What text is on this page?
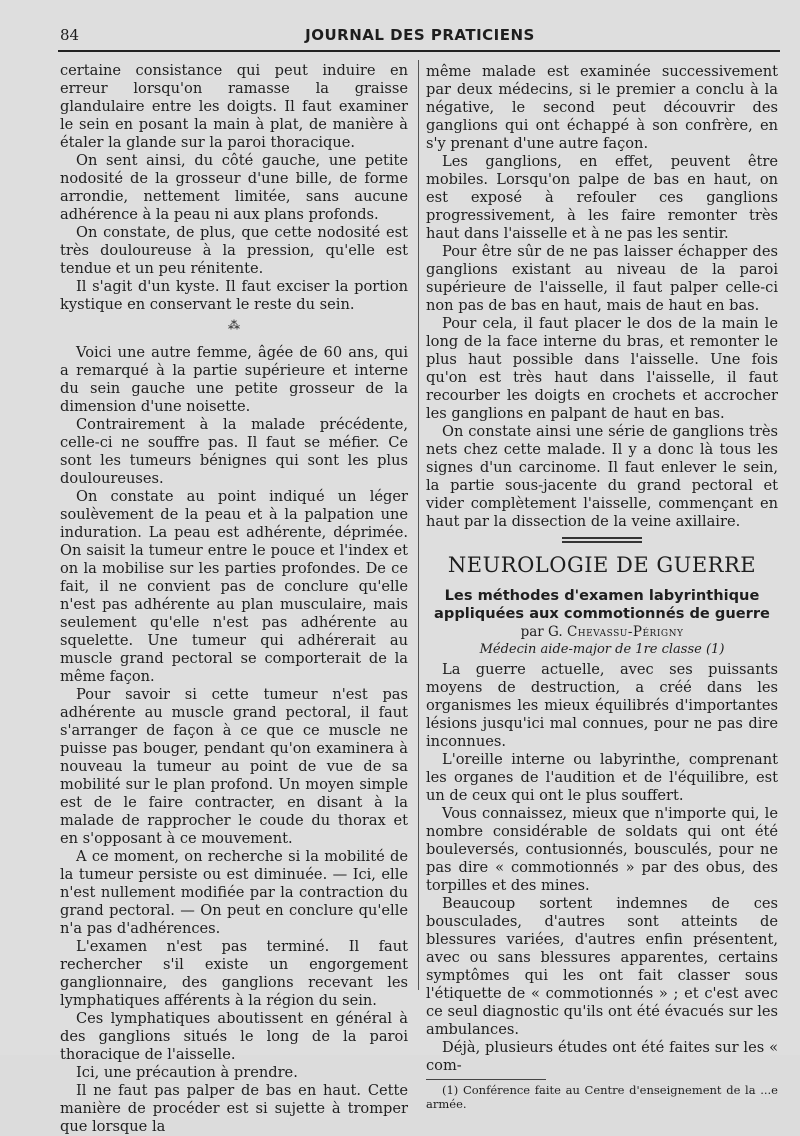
84	JOURNAL DES PRATICIENS

certaine consistance qui peut induire en erreur lorsqu'on ramasse la graisse glandulaire entre les doigts. Il faut examiner le sein en posant la main à plat, de manière à étaler la glande sur la paroi thoracique.

On sent ainsi, du côté gauche, une petite nodosité de la grosseur d'une bille, de forme arrondie, nettement limitée, sans aucune adhérence à la peau ni aux plans profonds.

On constate, de plus, que cette nodosité est très douloureuse à la pression, qu'elle est tendue et un peu rénitente.

Il s'agit d'un kyste. Il faut exciser la portion kystique en conservant le reste du sein.

⁂

Voici une autre femme, âgée de 60 ans, qui a remarqué à la partie supérieure et interne du sein gauche une petite grosseur de la dimension d'une noisette.

Contrairement à la malade précédente, celle-ci ne souffre pas. Il faut se méfier. Ce sont les tumeurs bénignes qui sont les plus douloureuses.

On constate au point indiqué un léger soulèvement de la peau et à la palpation une induration. La peau est adhérente, déprimée. On saisit la tumeur entre le pouce et l'index et on la mobilise sur les parties profondes. De ce fait, il ne convient pas de conclure qu'elle n'est pas adhérente au plan musculaire, mais seulement qu'elle n'est pas adhérente au squelette. Une tumeur qui adhérerait au muscle grand pectoral se comporterait de la même façon.

Pour savoir si cette tumeur n'est pas adhérente au muscle grand pectoral, il faut s'arranger de façon à ce que ce muscle ne puisse pas bouger, pendant qu'on examinera à nouveau la tumeur au point de vue de sa mobilité sur le plan profond. Un moyen simple est de le faire contracter, en disant à la malade de rapprocher le coude du thorax et en s'opposant à ce mouvement.

A ce moment, on recherche si la mobilité de la tumeur persiste ou est diminuée. — Ici, elle n'est nullement modifiée par la contraction du grand pectoral. — On peut en conclure qu'elle n'a pas d'adhérences.

L'examen n'est pas terminé. Il faut rechercher s'il existe un engorgement ganglionnaire, des ganglions recevant les lymphatiques afférents à la région du sein.

Ces lymphatiques aboutissent en général à des ganglions situés le long de la paroi thoracique de l'aisselle.

Ici, une précaution à prendre.

Il ne faut pas palper de bas en haut. Cette manière de procéder est si sujette à tromper que lorsque la

même malade est examinée successivement par deux médecins, si le premier a conclu à la négative, le second peut découvrir des ganglions qui ont échappé à son confrère, en s'y prenant d'une autre façon.

Les ganglions, en effet, peuvent être mobiles. Lorsqu'on palpe de bas en haut, on est exposé à refouler ces ganglions progressivement, à les faire remonter très haut dans l'aisselle et à ne pas les sentir.

Pour être sûr de ne pas laisser échapper des ganglions existant au niveau de la paroi supérieure de l'aisselle, il faut palper celle-ci non pas de bas en haut, mais de haut en bas.

Pour cela, il faut placer le dos de la main le long de la face interne du bras, et remonter le plus haut possible dans l'aisselle. Une fois qu'on est très haut dans l'aisselle, il faut recourber les doigts en crochets et accrocher les ganglions en palpant de haut en bas.

On constate ainsi une série de ganglions très nets chez cette malade. Il y a donc là tous les signes d'un carcinome. Il faut enlever le sein, la partie sous-jacente du grand pectoral et vider complètement l'aisselle, commençant en haut par la dissection de la veine axillaire.

NEUROLOGIE DE GUERRE
Les méthodes d'examen labyrinthique
appliquées aux commotionnés de guerre
par G. Chevassu-Périgny
Médecin aide-major de 1re classe (1)

La guerre actuelle, avec ses puissants moyens de destruction, a créé dans les organismes les mieux équilibrés d'importantes lésions jusqu'ici mal connues, pour ne pas dire inconnues.

L'oreille interne ou labyrinthe, comprenant les organes de l'audition et de l'équilibre, est un de ceux qui ont le plus souffert.

Vous connaissez, mieux que n'importe qui, le nombre considérable de soldats qui ont été bouleversés, contusionnés, bousculés, pour ne pas dire « commotionnés » par des obus, des torpilles et des mines.

Beaucoup sortent indemnes de ces bousculades, d'autres sont atteints de blessures variées, d'autres enfin présentent, avec ou sans blessures apparentes, certains symptômes qui les ont fait classer sous l'étiquette de « commotionnés » ; et c'est avec ce seul diagnostic qu'ils ont été évacués sur les ambulances.

Déjà, plusieurs études ont été faites sur les « com-

(1) Conférence faite au Centre d'enseignement de la ...e armée.
